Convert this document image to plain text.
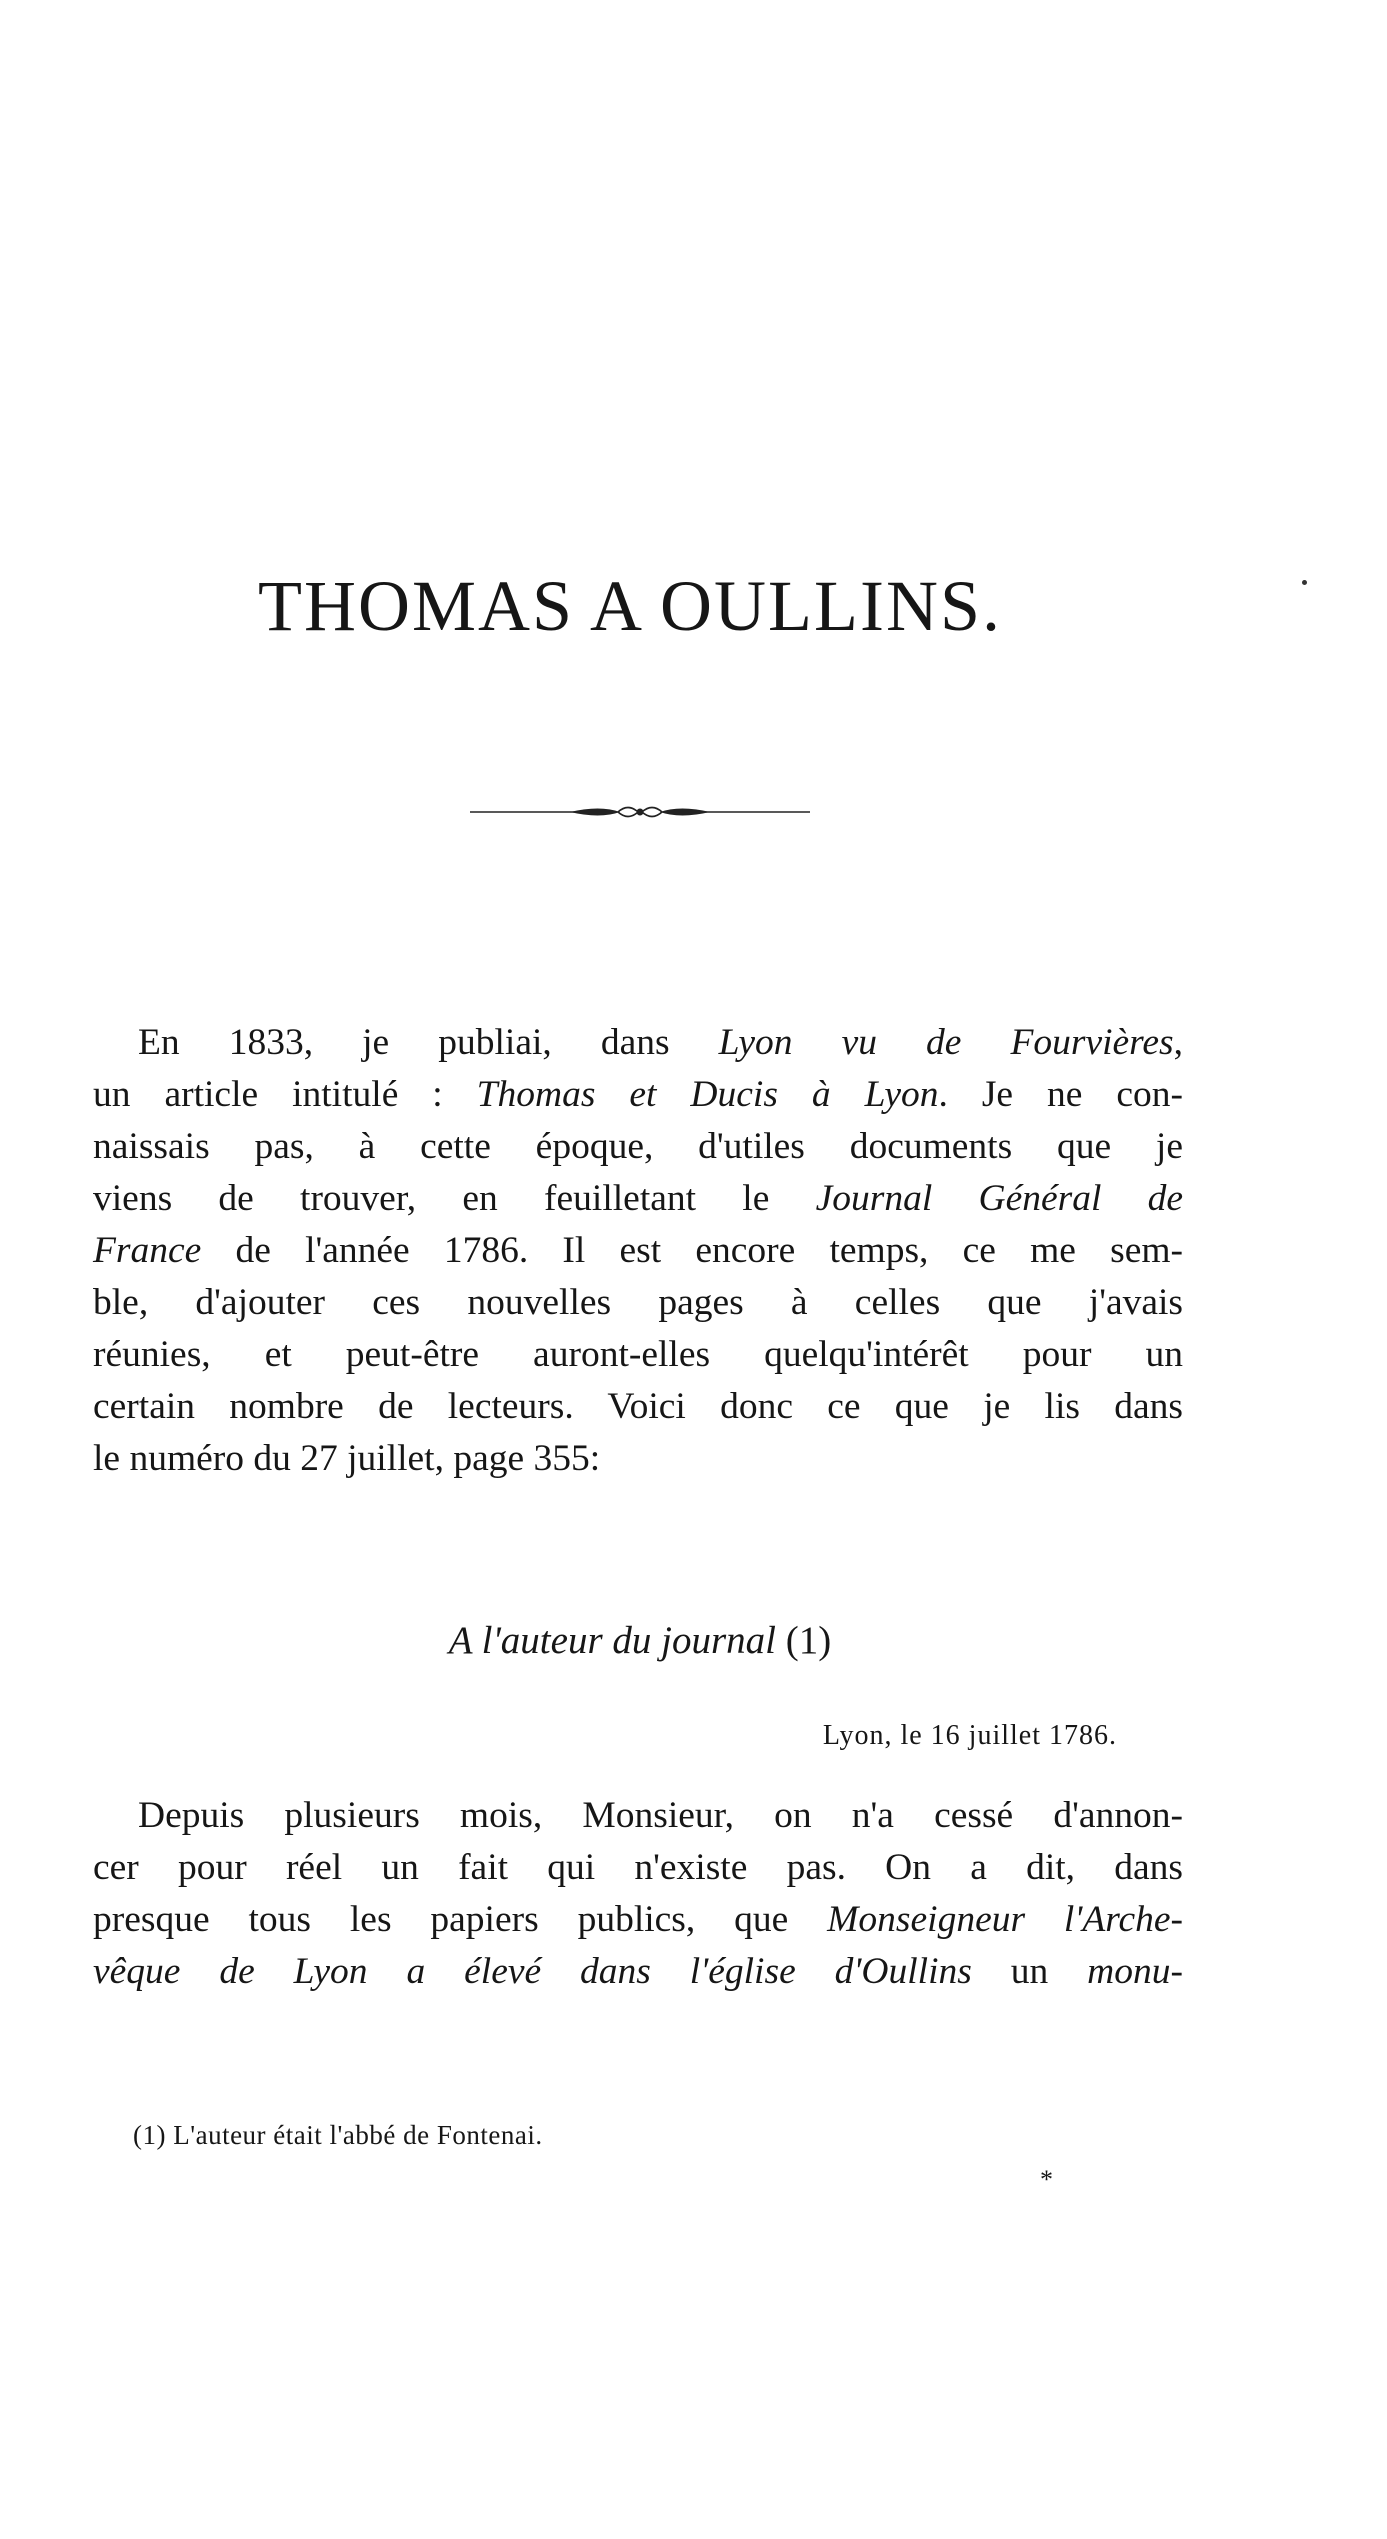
THOMAS A OULLINS.
En 1833, je publiai, dans Lyon vu de Fourvières,
un article intitulé : Thomas et Ducis à Lyon. Je ne con-
naissais pas, à cette époque, d'utiles documents que je
viens de trouver, en feuilletant le Journal Général de
France de l'année 1786. Il est encore temps, ce me sem-
ble, d'ajouter ces nouvelles pages à celles que j'avais
réunies, et peut-être auront-elles quelqu'intérêt pour un
certain nombre de lecteurs. Voici donc ce que je lis dans
le numéro du 27 juillet, page 355:

A l'auteur du journal (1)

Lyon, le 16 juillet 1786.

Depuis plusieurs mois, Monsieur, on n'a cessé d'annon-
cer pour réel un fait qui n'existe pas. On a dit, dans
presque tous les papiers publics, que Monseigneur l'Arche-
vêque de Lyon a élevé dans l'église d'Oullins un monu-

(1) L'auteur était l'abbé de Fontenai.

*
